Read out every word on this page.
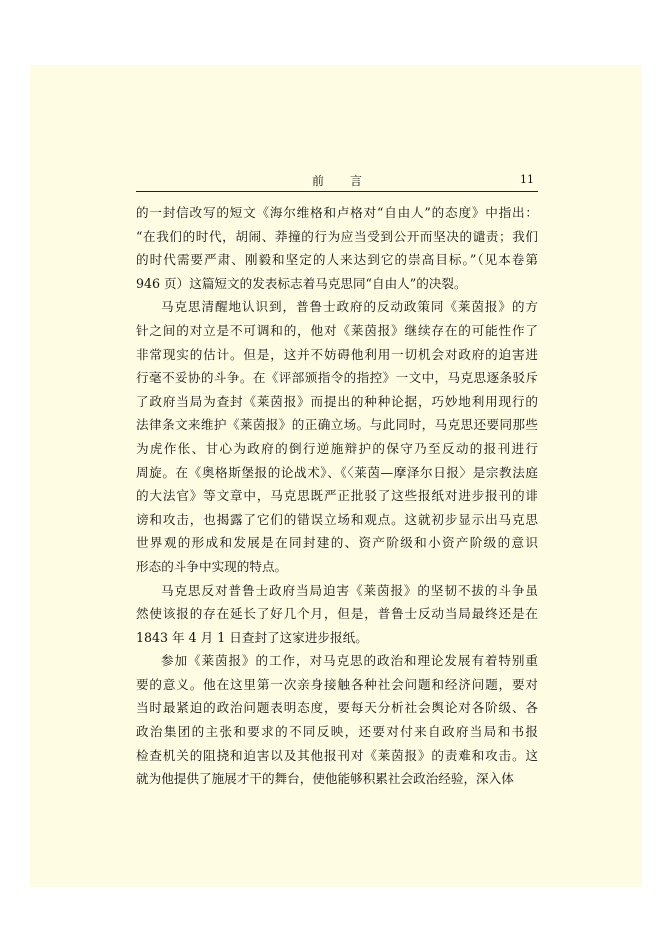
前言	11
的一封信改写的短文《海尔维格和卢格对“自由人”的态度》中指出：
“在我们的时代，胡闹、莽撞的行为应当受到公开而坚决的谴责；我们
的时代需要严肃、刚毅和坚定的人来达到它的崇高目标。”（见本卷第
946 页）这篇短文的发表标志着马克思同“自由人”的决裂。
马克思清醒地认识到，普鲁士政府的反动政策同《莱茵报》的方
针之间的对立是不可调和的，他对《莱茵报》继续存在的可能性作了
非常现实的估计。但是，这并不妨碍他利用一切机会对政府的迫害进
行毫不妥协的斗争。在《评部颁指令的指控》一文中，马克思逐条驳斥
了政府当局为查封《莱茵报》而提出的种种论据，巧妙地利用现行的
法律条文来维护《莱茵报》的正确立场。与此同时，马克思还要同那些
为虎作伥、甘心为政府的倒行逆施辩护的保守乃至反动的报刊进行
周旋。在《奥格斯堡报的论战术》、《〈莱茵—摩泽尔日报〉是宗教法庭
的大法官》等文章中，马克思既严正批驳了这些报纸对进步报刊的诽
谤和攻击，也揭露了它们的错误立场和观点。这就初步显示出马克思
世界观的形成和发展是在同封建的、资产阶级和小资产阶级的意识
形态的斗争中实现的特点。
马克思反对普鲁士政府当局迫害《莱茵报》的坚韧不拔的斗争虽
然使该报的存在延长了好几个月，但是，普鲁士反动当局最终还是在
1843 年 4 月 1 日查封了这家进步报纸。
参加《莱茵报》的工作，对马克思的政治和理论发展有着特别重
要的意义。他在这里第一次亲身接触各种社会问题和经济问题，要对
当时最紧迫的政治问题表明态度，要每天分析社会舆论对各阶级、各
政治集团的主张和要求的不同反映，还要对付来自政府当局和书报
检查机关的阻挠和迫害以及其他报刊对《莱茵报》的责难和攻击。这
就为他提供了施展才干的舞台，使他能够积累社会政治经验，深入体
